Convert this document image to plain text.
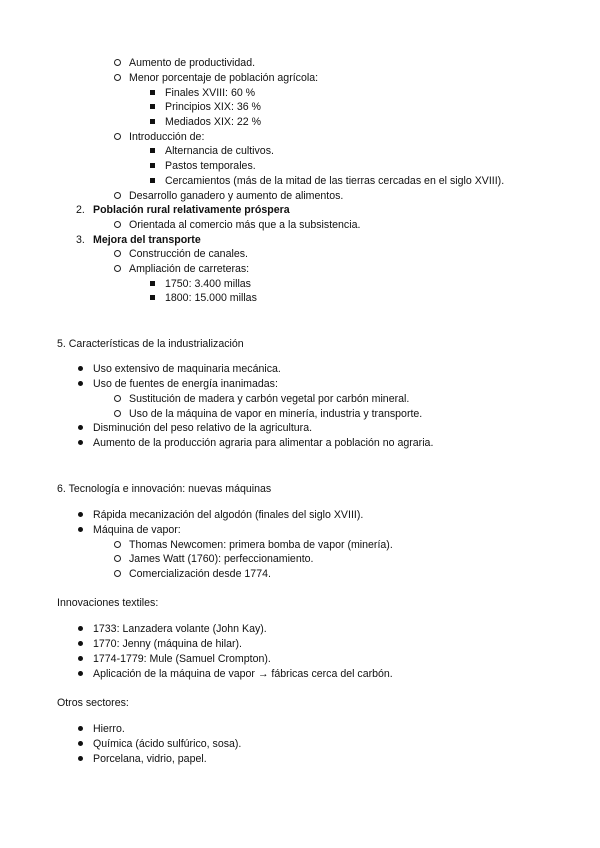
Aumento de productividad.
Menor porcentaje de población agrícola:
Finales XVIII: 60 %
Principios XIX: 36 %
Mediados XIX: 22 %
Introducción de:
Alternancia de cultivos.
Pastos temporales.
Cercamientos (más de la mitad de las tierras cercadas en el siglo XVIII).
Desarrollo ganadero y aumento de alimentos.
2. Población rural relativamente próspera
Orientada al comercio más que a la subsistencia.
3. Mejora del transporte
Construcción de canales.
Ampliación de carreteras:
1750: 3.400 millas
1800: 15.000 millas
5. Características de la industrialización
Uso extensivo de maquinaria mecánica.
Uso de fuentes de energía inanimadas:
Sustitución de madera y carbón vegetal por carbón mineral.
Uso de la máquina de vapor en minería, industria y transporte.
Disminución del peso relativo de la agricultura.
Aumento de la producción agraria para alimentar a población no agraria.
6. Tecnología e innovación: nuevas máquinas
Rápida mecanización del algodón (finales del siglo XVIII).
Máquina de vapor:
Thomas Newcomen: primera bomba de vapor (minería).
James Watt (1760): perfeccionamiento.
Comercialización desde 1774.
Innovaciones textiles:
1733: Lanzadera volante (John Kay).
1770: Jenny (máquina de hilar).
1774-1779: Mule (Samuel Crompton).
Aplicación de la máquina de vapor → fábricas cerca del carbón.
Otros sectores:
Hierro.
Química (ácido sulfúrico, sosa).
Porcelana, vidrio, papel.
